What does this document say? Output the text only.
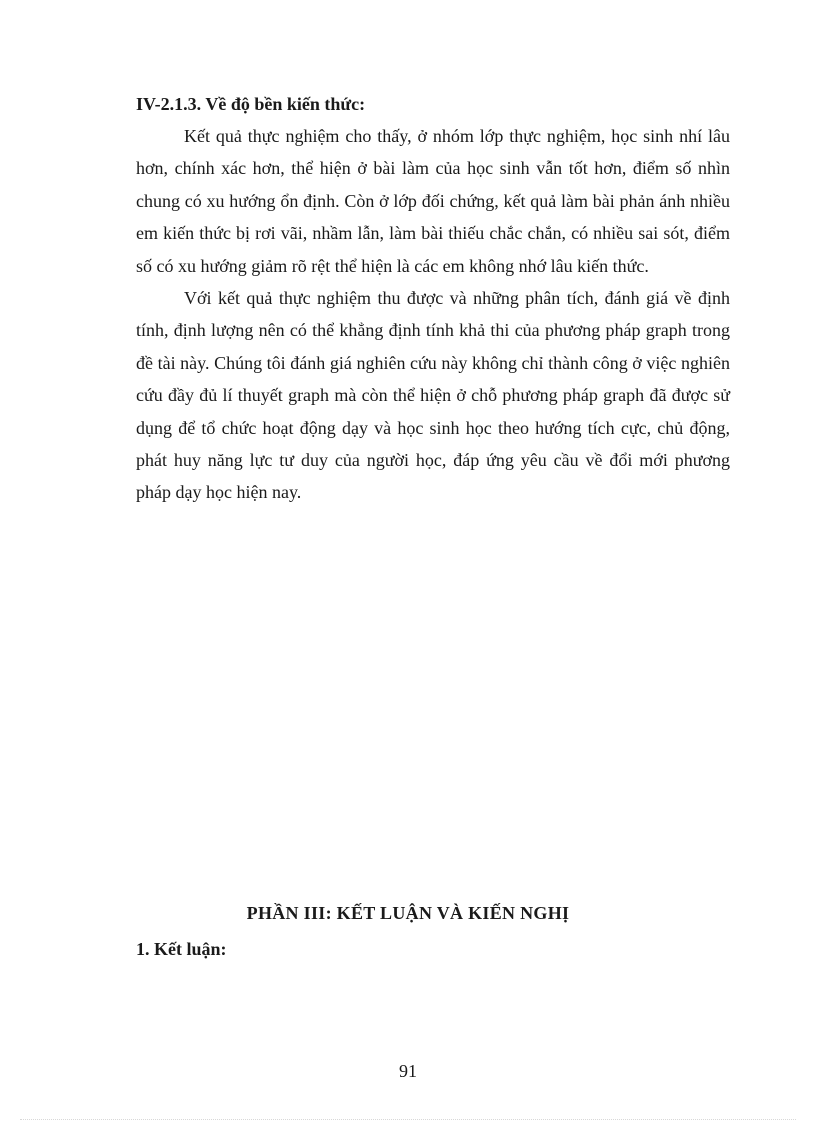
IV-2.1.3. Về độ bền kiến thức:

Kết quả thực nghiệm cho thấy, ở nhóm lớp thực nghiệm, học sinh nhí lâu hơn, chính xác hơn, thể hiện ở bài làm của học sinh vẫn tốt hơn, điểm số nhìn chung có xu hướng ổn định. Còn ở lớp đối chứng, kết quả làm bài phản ánh nhiều em kiến thức bị rơi vãi, nhầm lẫn, làm bài thiếu chắc chắn, có nhiều sai sót, điểm số có xu hướng giảm rõ rệt thể hiện là các em không nhớ lâu kiến thức.

Với kết quả thực nghiệm thu được và những phân tích, đánh giá về định tính, định lượng nên có thể khẳng định tính khả thi của phương pháp graph trong đề tài này. Chúng tôi đánh giá nghiên cứu này không chỉ thành công ở việc nghiên cứu đầy đủ lí thuyết graph mà còn thể hiện ở chỗ phương pháp graph đã được sử dụng để tổ chức hoạt động dạy và học sinh học theo hướng tích cực, chủ động, phát huy năng lực tư duy của người học, đáp ứng yêu cầu về đổi mới phương pháp dạy học hiện nay.

PHẦN III: KẾT LUẬN VÀ KIẾN NGHỊ

1. Kết luận:

91
